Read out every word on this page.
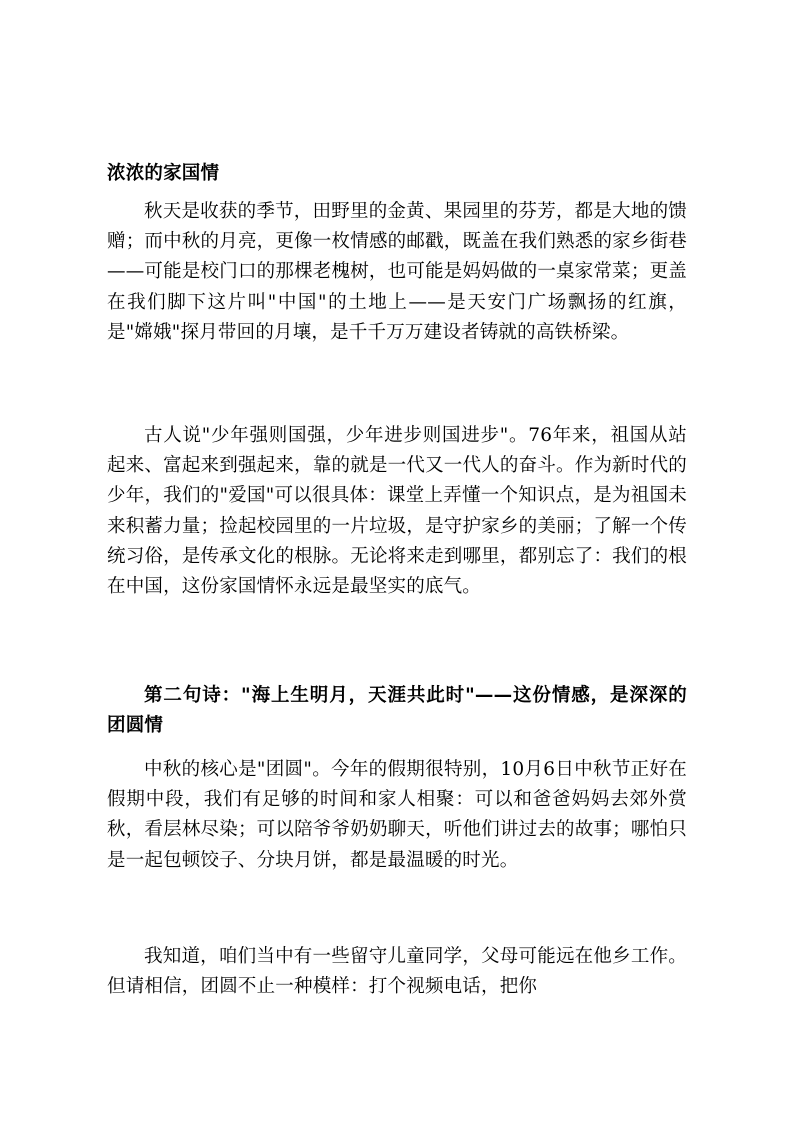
浓浓的家国情

秋天是收获的季节，田野里的金黄、果园里的芬芳，都是大地的馈赠；而中秋的月亮，更像一枚情感的邮戳，既盖在我们熟悉的家乡街巷——可能是校门口的那棵老槐树，也可能是妈妈做的一桌家常菜；更盖在我们脚下这片叫"中国"的土地上——是天安门广场飘扬的红旗，是"嫦娥"探月带回的月壤，是千千万万建设者铸就的高铁桥梁。

古人说"少年强则国强，少年进步则国进步"。76年来，祖国从站起来、富起来到强起来，靠的就是一代又一代人的奋斗。作为新时代的少年，我们的"爱国"可以很具体：课堂上弄懂一个知识点，是为祖国未来积蓄力量；捡起校园里的一片垃圾，是守护家乡的美丽；了解一个传统习俗，是传承文化的根脉。无论将来走到哪里，都别忘了：我们的根在中国，这份家国情怀永远是最坚实的底气。

第二句诗："海上生明月，天涯共此时"——这份情感，是深深的团圆情

中秋的核心是"团圆"。今年的假期很特别，10月6日中秋节正好在假期中段，我们有足够的时间和家人相聚：可以和爸爸妈妈去郊外赏秋，看层林尽染；可以陪爷爷奶奶聊天，听他们讲过去的故事；哪怕只是一起包顿饺子、分块月饼，都是最温暖的时光。

我知道，咱们当中有一些留守儿童同学，父母可能远在他乡工作。但请相信，团圆不止一种模样：打个视频电话，把你
